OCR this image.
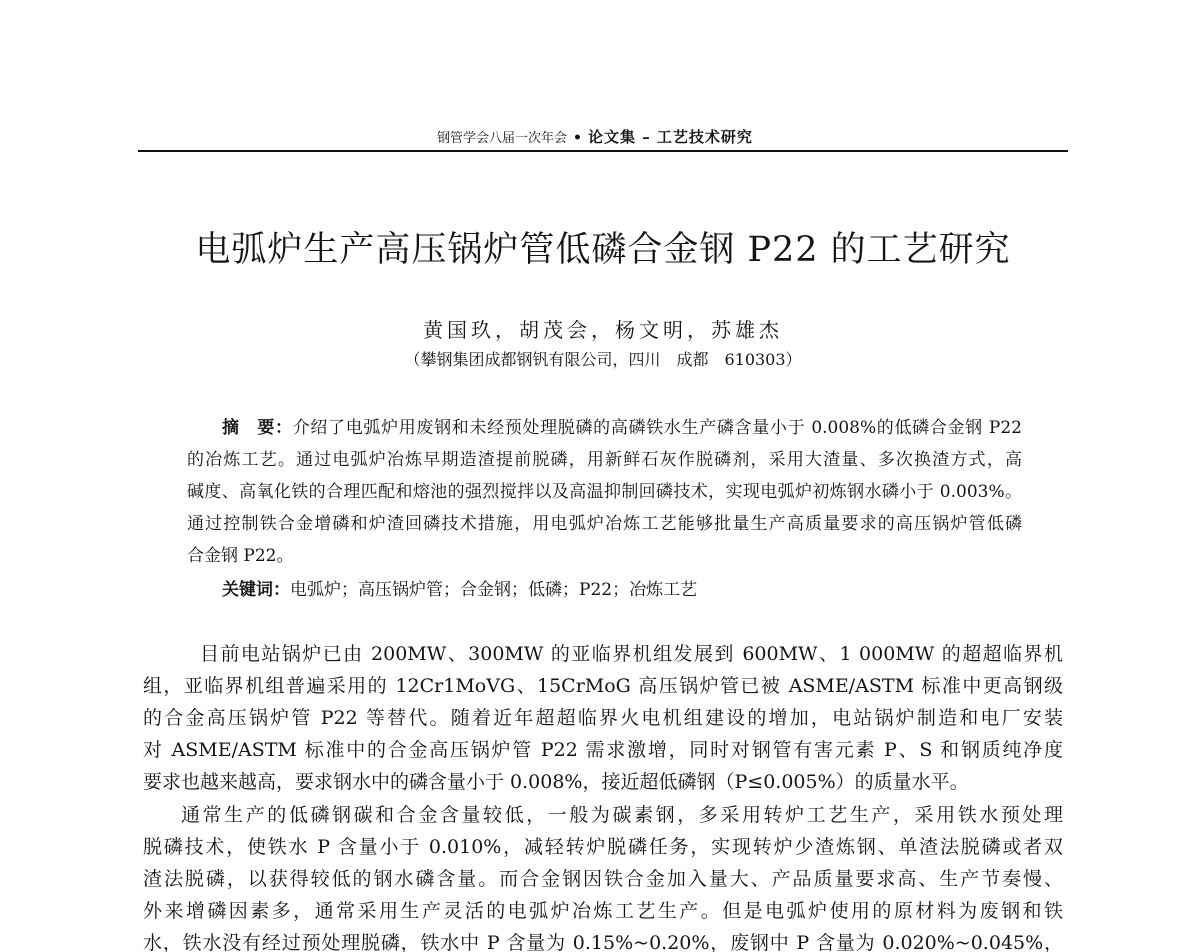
钢管学会八届一次年会 • 论文集 – 工艺技术研究
电弧炉生产高压锅炉管低磷合金钢 P22 的工艺研究
黄国玖，胡茂会，杨文明，苏雄杰
（攀钢集团成都钢钒有限公司，四川　成都　610303）
摘　要：介绍了电弧炉用废钢和未经预处理脱磷的高磷铁水生产磷含量小于 0.008%的低磷合金钢 P22
的冶炼工艺。通过电弧炉冶炼早期造渣提前脱磷，用新鲜石灰作脱磷剂，采用大渣量、多次换渣方式，高
碱度、高氧化铁的合理匹配和熔池的强烈搅拌以及高温抑制回磷技术，实现电弧炉初炼钢水磷小于 0.003%。
通过控制铁合金增磷和炉渣回磷技术措施，用电弧炉冶炼工艺能够批量生产高质量要求的高压锅炉管低磷
合金钢 P22。
关键词：电弧炉；高压锅炉管；合金钢；低磷；P22；冶炼工艺
目前电站锅炉已由 200MW、300MW 的亚临界机组发展到 600MW、1 000MW 的超超临界机
组，亚临界机组普遍采用的 12Cr1MoVG、15CrMoG 高压锅炉管已被 ASME/ASTM 标准中更高钢级
的合金高压锅炉管 P22 等替代。随着近年超超临界火电机组建设的增加，电站锅炉制造和电厂安装
对 ASME/ASTM 标准中的合金高压锅炉管 P22 需求激增，同时对钢管有害元素 P、S 和钢质纯净度
要求也越来越高，要求钢水中的磷含量小于 0.008%，接近超低磷钢（P≤0.005%）的质量水平。
通常生产的低磷钢碳和合金含量较低，一般为碳素钢，多采用转炉工艺生产，采用铁水预处理
脱磷技术，使铁水 P 含量小于 0.010%，减轻转炉脱磷任务，实现转炉少渣炼钢、单渣法脱磷或者双
渣法脱磷，以获得较低的钢水磷含量。而合金钢因铁合金加入量大、产品质量要求高、生产节奏慢、
外来增磷因素多，通常采用生产灵活的电弧炉冶炼工艺生产。但是电弧炉使用的原材料为废钢和铁
水，铁水没有经过预处理脱磷，铁水中 P 含量为 0.15%~0.20%，废钢中 P 含量为 0.020%~0.045%，
